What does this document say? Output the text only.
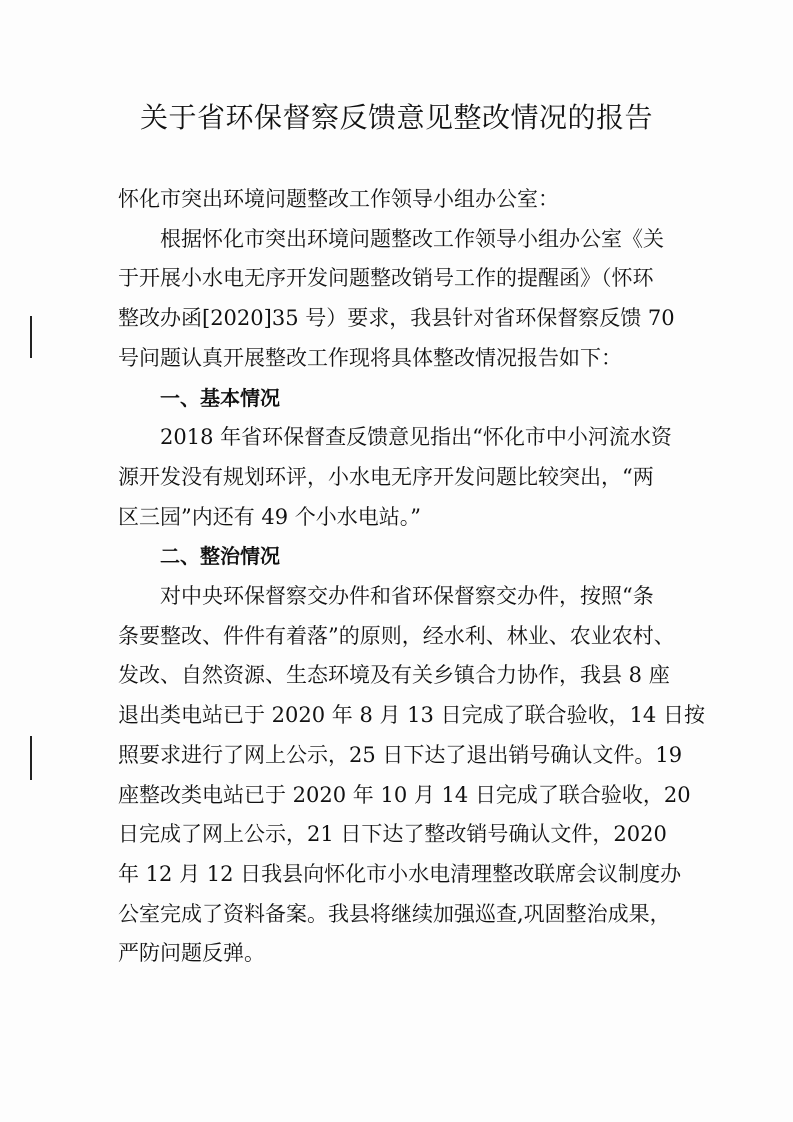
关于省环保督察反馈意见整改情况的报告

怀化市突出环境问题整改工作领导小组办公室：

根据怀化市突出环境问题整改工作领导小组办公室《关
于开展小水电无序开发问题整改销号工作的提醒函》（怀环
整改办函[2020]35 号）要求，我县针对省环保督察反馈 70
号问题认真开展整改工作现将具体整改情况报告如下：

一、基本情况

2018 年省环保督查反馈意见指出“怀化市中小河流水资
源开发没有规划环评，小水电无序开发问题比较突出，“两
区三园”内还有 49 个小水电站。”

二、整治情况

对中央环保督察交办件和省环保督察交办件，按照“条
条要整改、件件有着落”的原则，经水利、林业、农业农村、
发改、自然资源、生态环境及有关乡镇合力协作，我县 8 座
退出类电站已于 2020 年 8 月 13 日完成了联合验收，14 日按
照要求进行了网上公示，25 日下达了退出销号确认文件。19
座整改类电站已于 2020 年 10 月 14 日完成了联合验收，20
日完成了网上公示，21 日下达了整改销号确认文件，2020
年 12 月 12 日我县向怀化市小水电清理整改联席会议制度办
公室完成了资料备案。我县将继续加强巡查,巩固整治成果，
严防问题反弹。
